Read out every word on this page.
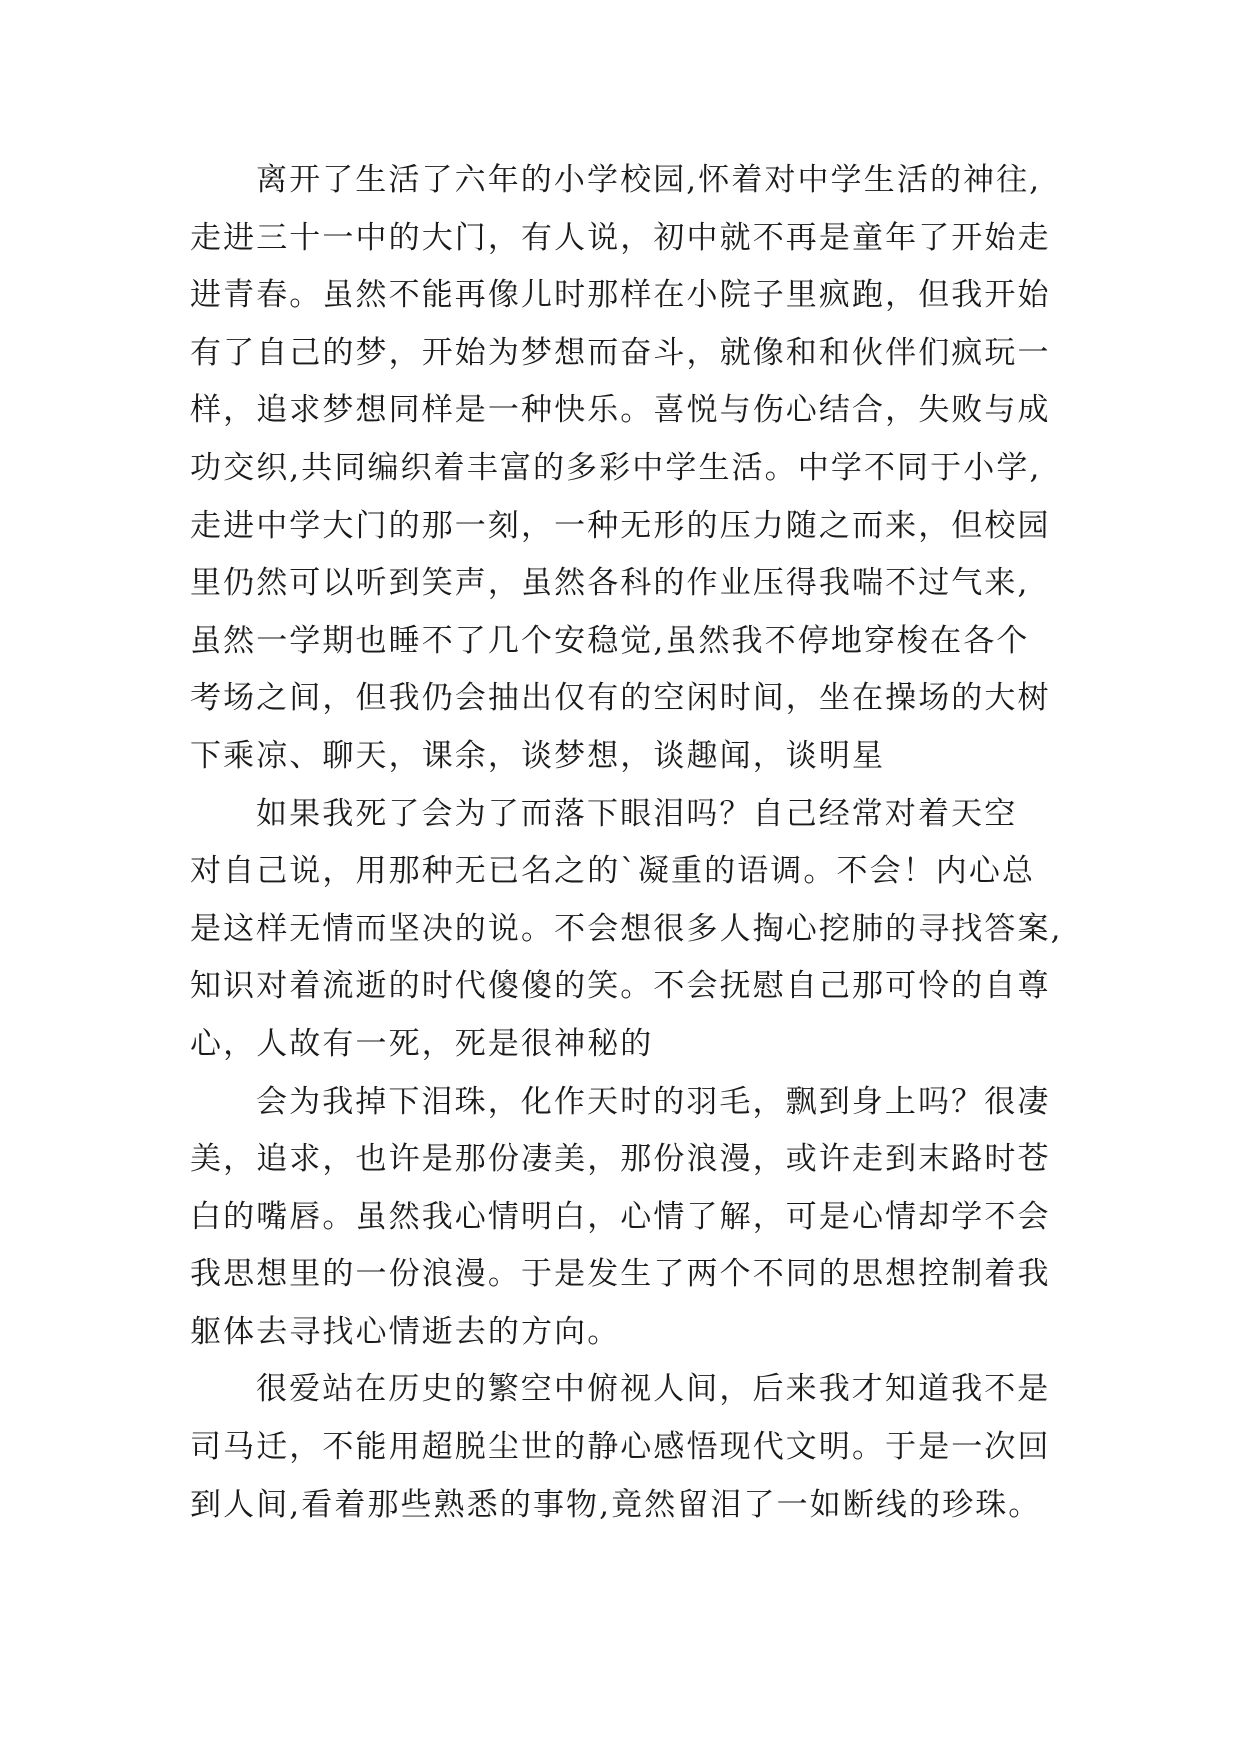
离开了生活了六年的小学校园,怀着对中学生活的神往,
走进三十一中的大门，有人说，初中就不再是童年了开始走
进青春。虽然不能再像儿时那样在小院子里疯跑，但我开始
有了自己的梦，开始为梦想而奋斗，就像和和伙伴们疯玩一
样，追求梦想同样是一种快乐。喜悦与伤心结合，失败与成
功交织,共同编织着丰富的多彩中学生活。中学不同于小学,
走进中学大门的那一刻，一种无形的压力随之而来，但校园
里仍然可以听到笑声，虽然各科的作业压得我喘不过气来,
虽然一学期也睡不了几个安稳觉,虽然我不停地穿梭在各个
考场之间，但我仍会抽出仅有的空闲时间，坐在操场的大树
下乘凉、聊天，课余，谈梦想，谈趣闻，谈明星
如果我死了会为了而落下眼泪吗？自己经常对着天空
对自己说，用那种无已名之的`凝重的语调。不会！内心总
是这样无情而坚决的说。不会想很多人掏心挖肺的寻找答案,
知识对着流逝的时代傻傻的笑。不会抚慰自己那可怜的自尊
心，人故有一死，死是很神秘的
会为我掉下泪珠，化作天时的羽毛，飘到身上吗？很凄
美，追求，也许是那份凄美，那份浪漫，或许走到末路时苍
白的嘴唇。虽然我心情明白，心情了解，可是心情却学不会
我思想里的一份浪漫。于是发生了两个不同的思想控制着我
躯体去寻找心情逝去的方向。
很爱站在历史的繁空中俯视人间，后来我才知道我不是
司马迁，不能用超脱尘世的静心感悟现代文明。于是一次回
到人间,看着那些熟悉的事物,竟然留泪了一如断线的珍珠。
